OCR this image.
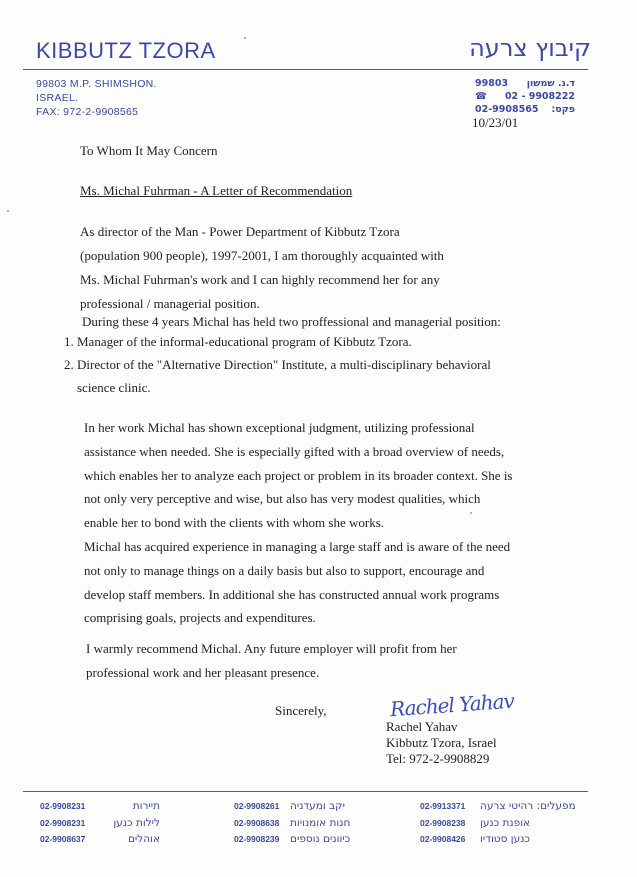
KIBBUTZ TZORA	קיבוץ צרעה
99803 M.P. SHIMSHON.
ISRAEL.
FAX: 972-2-9908565
99803 ד.נ. שמשון
☎ 02 - 9908222
02-9908565 פקס:
10/23/01
To Whom It May Concern
Ms. Michal Fuhrman - A Letter of Recommendation
As director of the Man - Power Department of Kibbutz Tzora (population 900 people), 1997-2001, I am thoroughly acquainted with Ms. Michal Fuhrman's work and I can highly recommend her for any professional / managerial position.
During these 4 years Michal has held two proffessional and managerial position:
1. Manager of the informal-educational program of Kibbutz Tzora.
2. Director of the "Alternative Direction" Institute, a multi-disciplinary behavioral
science clinic.
In her work Michal has shown exceptional judgment, utilizing professional assistance when needed. She is especially gifted with a broad overview of needs, which enables her to analyze each project or problem in its broader context. She is not only very perceptive and wise, but also has very modest qualities, which enable her to bond with the clients with whom she works.
Michal has acquired experience in managing a large staff and is aware of the need not only to manage things on a daily basis but also to support, encourage and develop staff members. In additional she has constructed annual work programs comprising goals, projects and expenditures.
I warmly recommend Michal. Any future employer will profit from her professional work and her pleasant presence.
Sincerely,	Rachel Yahav
Rachel Yahav
Kibbutz Tzora, Israel
Tel: 972-2-9908829
02-9908231	תיירות
02-9908231	לילות כנען
02-9908637	אוהלים
02-9908261	יקב ומעדניה
02-9908638	חנות אומנויות
02-9908239	כיוונים נוספים
02-9913371	מפעלים: רהיטי צרעה
02-9908238	אופנת כנען
02-9908426	כנען סטודיו
